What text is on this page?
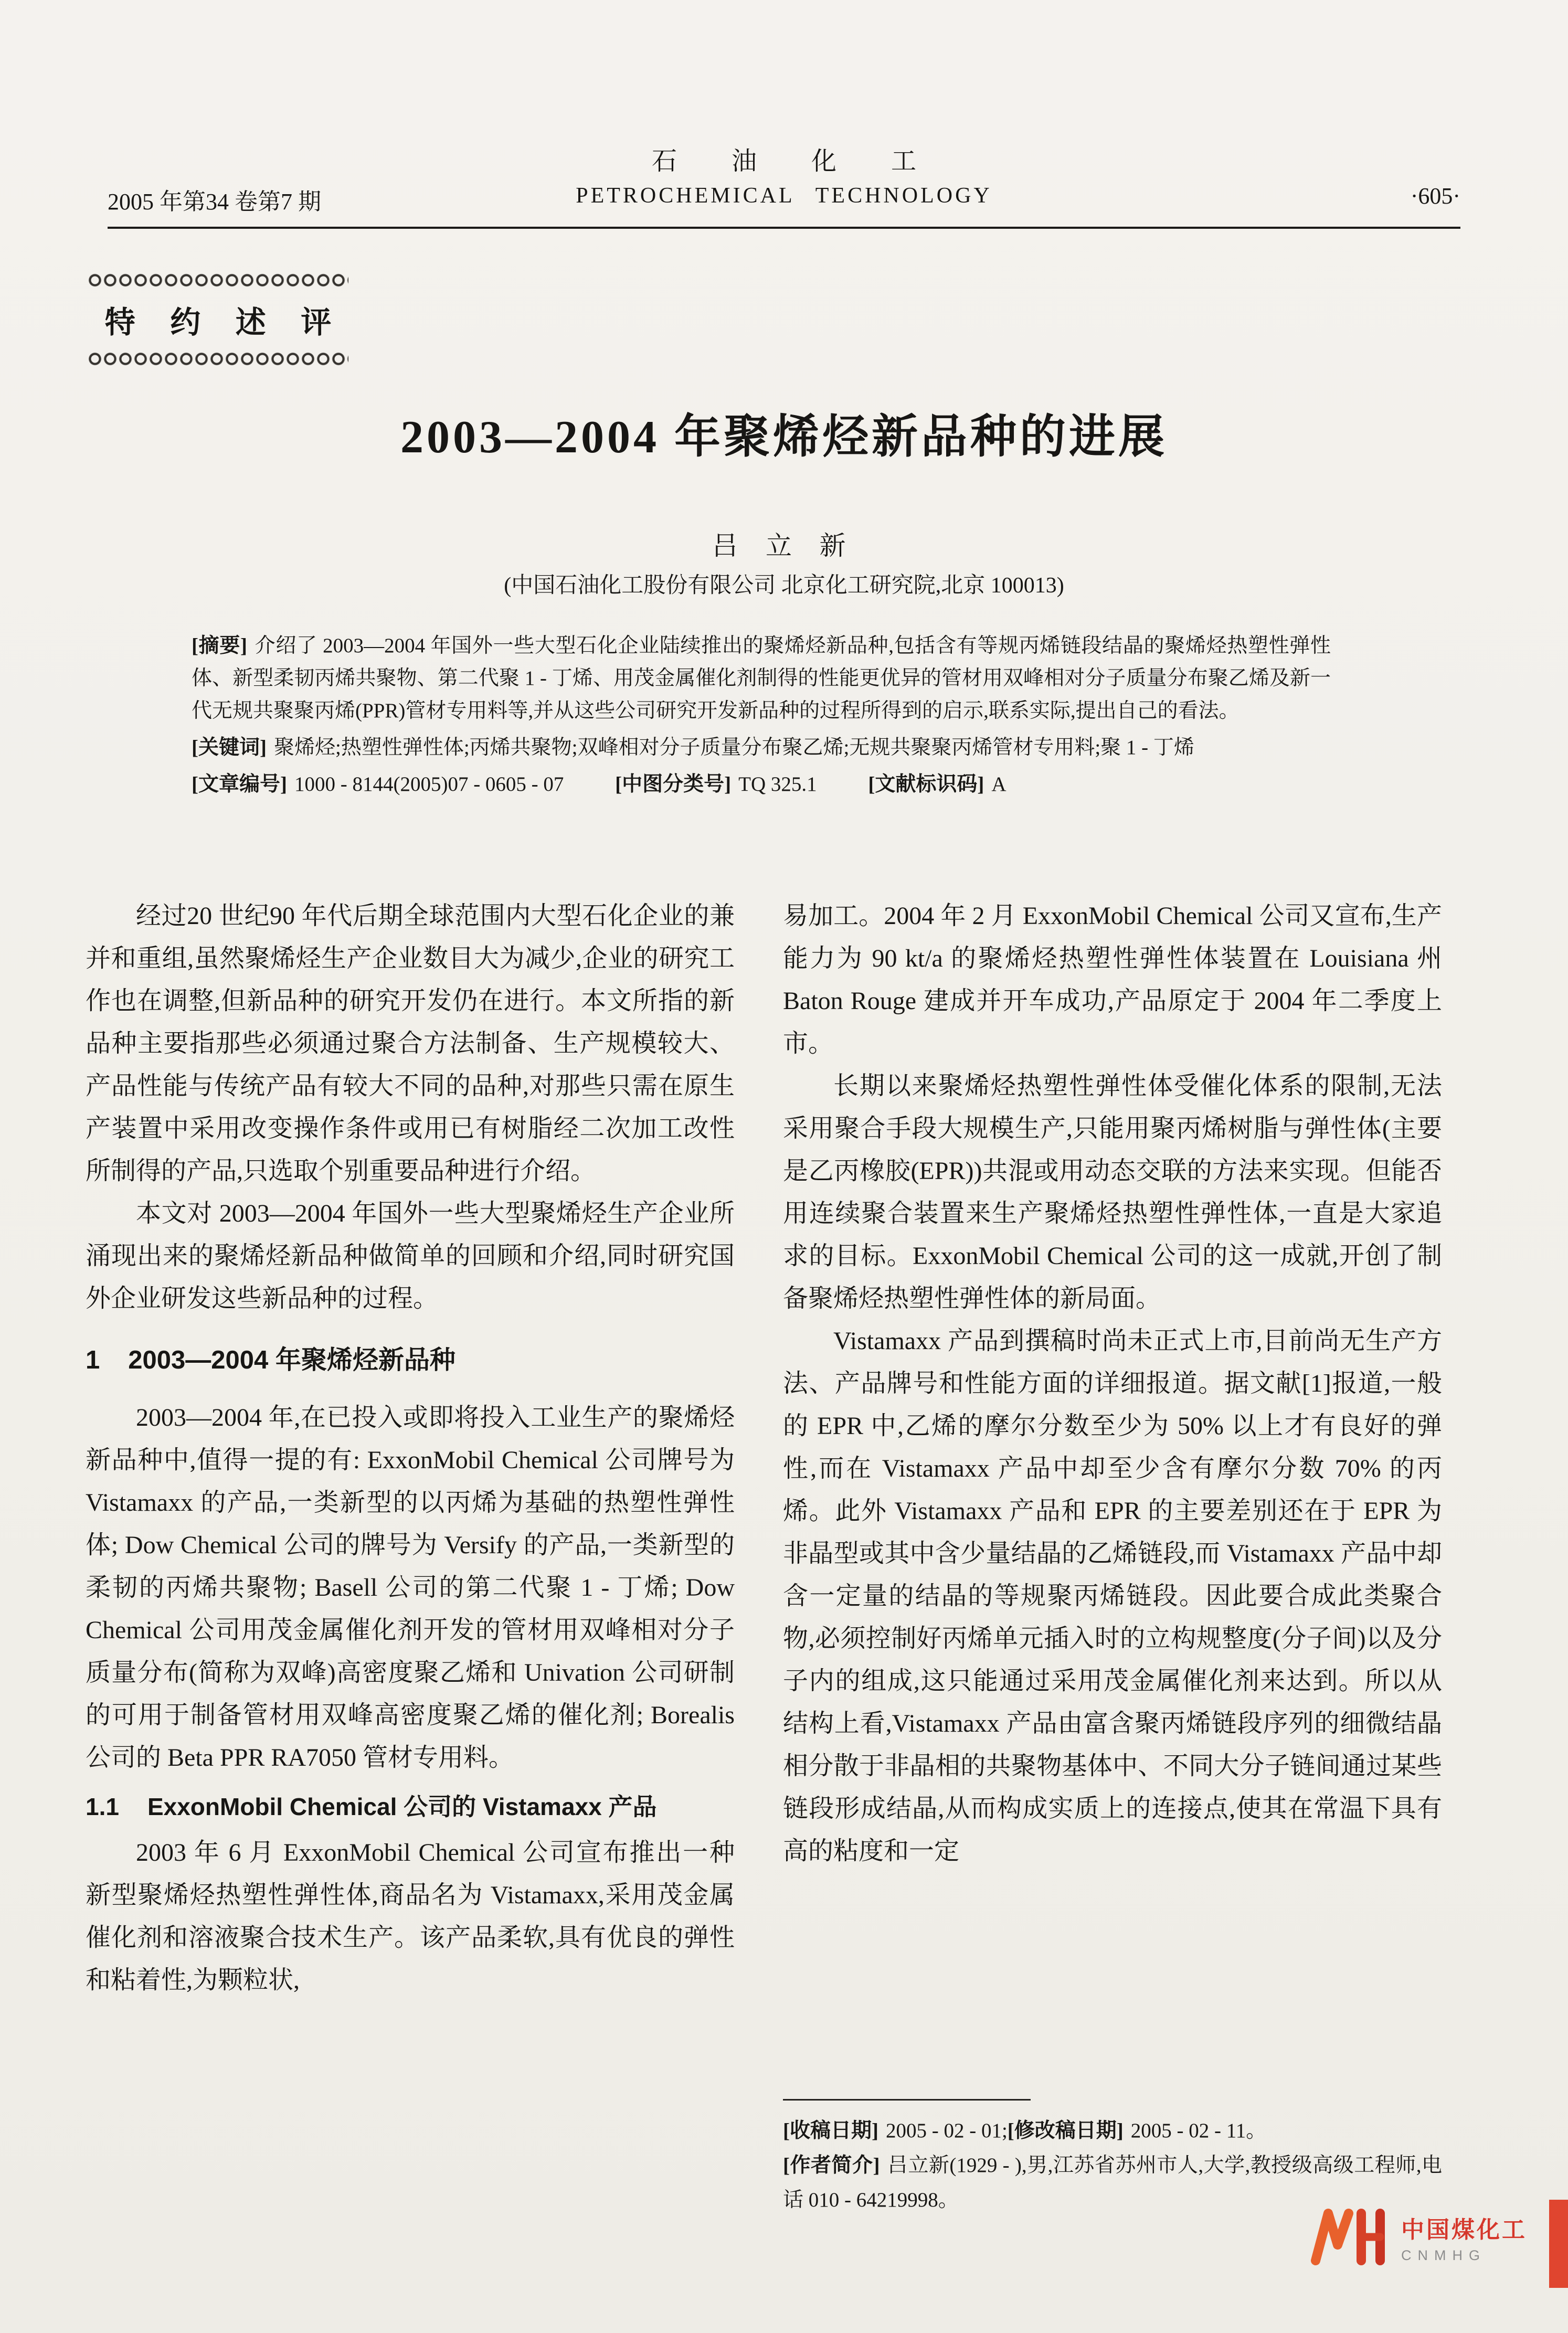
2005 年第34 卷第7 期
石 油 化 工
PETROCHEMICAL TECHNOLOGY	·605·
特 约 述 评
2003—2004 年聚烯烃新品种的进展
吕 立 新
(中国石油化工股份有限公司 北京化工研究院,北京 100013)

[摘要] 介绍了 2003—2004 年国外一些大型石化企业陆续推出的聚烯烃新品种,包括含有等规丙烯链段结晶的聚烯烃热塑性弹性体、新型柔韧丙烯共聚物、第二代聚 1 - 丁烯、用茂金属催化剂制得的性能更优异的管材用双峰相对分子质量分布聚乙烯及新一代无规共聚聚丙烯(PPR)管材专用料等,并从这些公司研究开发新品种的过程所得到的启示,联系实际,提出自己的看法。

[关键词] 聚烯烃;热塑性弹性体;丙烯共聚物;双峰相对分子质量分布聚乙烯;无规共聚聚丙烯管材专用料;聚 1 - 丁烯

[文章编号] 1000 - 8144(2005)07 - 0605 - 07	[中图分类号] TQ 325.1	[文献标识码] A

经过20 世纪90 年代后期全球范围内大型石化企业的兼并和重组,虽然聚烯烃生产企业数目大为减少,企业的研究工作也在调整,但新品种的研究开发仍在进行。本文所指的新品种主要指那些必须通过聚合方法制备、生产规模较大、产品性能与传统产品有较大不同的品种,对那些只需在原生产装置中采用改变操作条件或用已有树脂经二次加工改性所制得的产品,只选取个别重要品种进行介绍。

本文对 2003—2004 年国外一些大型聚烯烃生产企业所涌现出来的聚烯烃新品种做简单的回顾和介绍,同时研究国外企业研发这些新品种的过程。

1 2003—2004 年聚烯烃新品种

2003—2004 年,在已投入或即将投入工业生产的聚烯烃新品种中,值得一提的有: ExxonMobil Chemical 公司牌号为 Vistamaxx 的产品,一类新型的以丙烯为基础的热塑性弹性体; Dow Chemical 公司的牌号为 Versify 的产品,一类新型的柔韧的丙烯共聚物; Basell 公司的第二代聚 1 - 丁烯; Dow Chemical 公司用茂金属催化剂开发的管材用双峰相对分子质量分布(简称为双峰)高密度聚乙烯和 Univation 公司研制的可用于制备管材用双峰高密度聚乙烯的催化剂; Borealis 公司的 Beta PPR RA7050 管材专用料。

1.1 ExxonMobil Chemical 公司的 Vistamaxx 产品

2003 年 6 月 ExxonMobil Chemical 公司宣布推出一种新型聚烯烃热塑性弹性体,商品名为 Vistamaxx,采用茂金属催化剂和溶液聚合技术生产。该产品柔软,具有优良的弹性和粘着性,为颗粒状,

易加工。2004 年 2 月 ExxonMobil Chemical 公司又宣布,生产能力为 90 kt/a 的聚烯烃热塑性弹性体装置在 Louisiana 州 Baton Rouge 建成并开车成功,产品原定于 2004 年二季度上市。

长期以来聚烯烃热塑性弹性体受催化体系的限制,无法采用聚合手段大规模生产,只能用聚丙烯树脂与弹性体(主要是乙丙橡胶(EPR))共混或用动态交联的方法来实现。但能否用连续聚合装置来生产聚烯烃热塑性弹性体,一直是大家追求的目标。ExxonMobil Chemical 公司的这一成就,开创了制备聚烯烃热塑性弹性体的新局面。

Vistamaxx 产品到撰稿时尚未正式上市,目前尚无生产方法、产品牌号和性能方面的详细报道。据文献[1]报道,一般的 EPR 中,乙烯的摩尔分数至少为 50% 以上才有良好的弹性,而在 Vistamaxx 产品中却至少含有摩尔分数 70% 的丙烯。此外 Vistamaxx 产品和 EPR 的主要差别还在于 EPR 为非晶型或其中含少量结晶的乙烯链段,而 Vistamaxx 产品中却含一定量的结晶的等规聚丙烯链段。因此要合成此类聚合物,必须控制好丙烯单元插入时的立构规整度(分子间)以及分子内的组成,这只能通过采用茂金属催化剂来达到。所以从结构上看,Vistamaxx 产品由富含聚丙烯链段序列的细微结晶相分散于非晶相的共聚物基体中、不同大分子链间通过某些链段形成结晶,从而构成实质上的连接点,使其在常温下具有高的粘度和一定

[收稿日期] 2005 - 02 - 01;[修改稿日期] 2005 - 02 - 11。

[作者简介] 吕立新(1929 - ),男,江苏省苏州市人,大学,教授级高级工程师,电话 010 - 64219998。

中国煤化工
CNMHG
